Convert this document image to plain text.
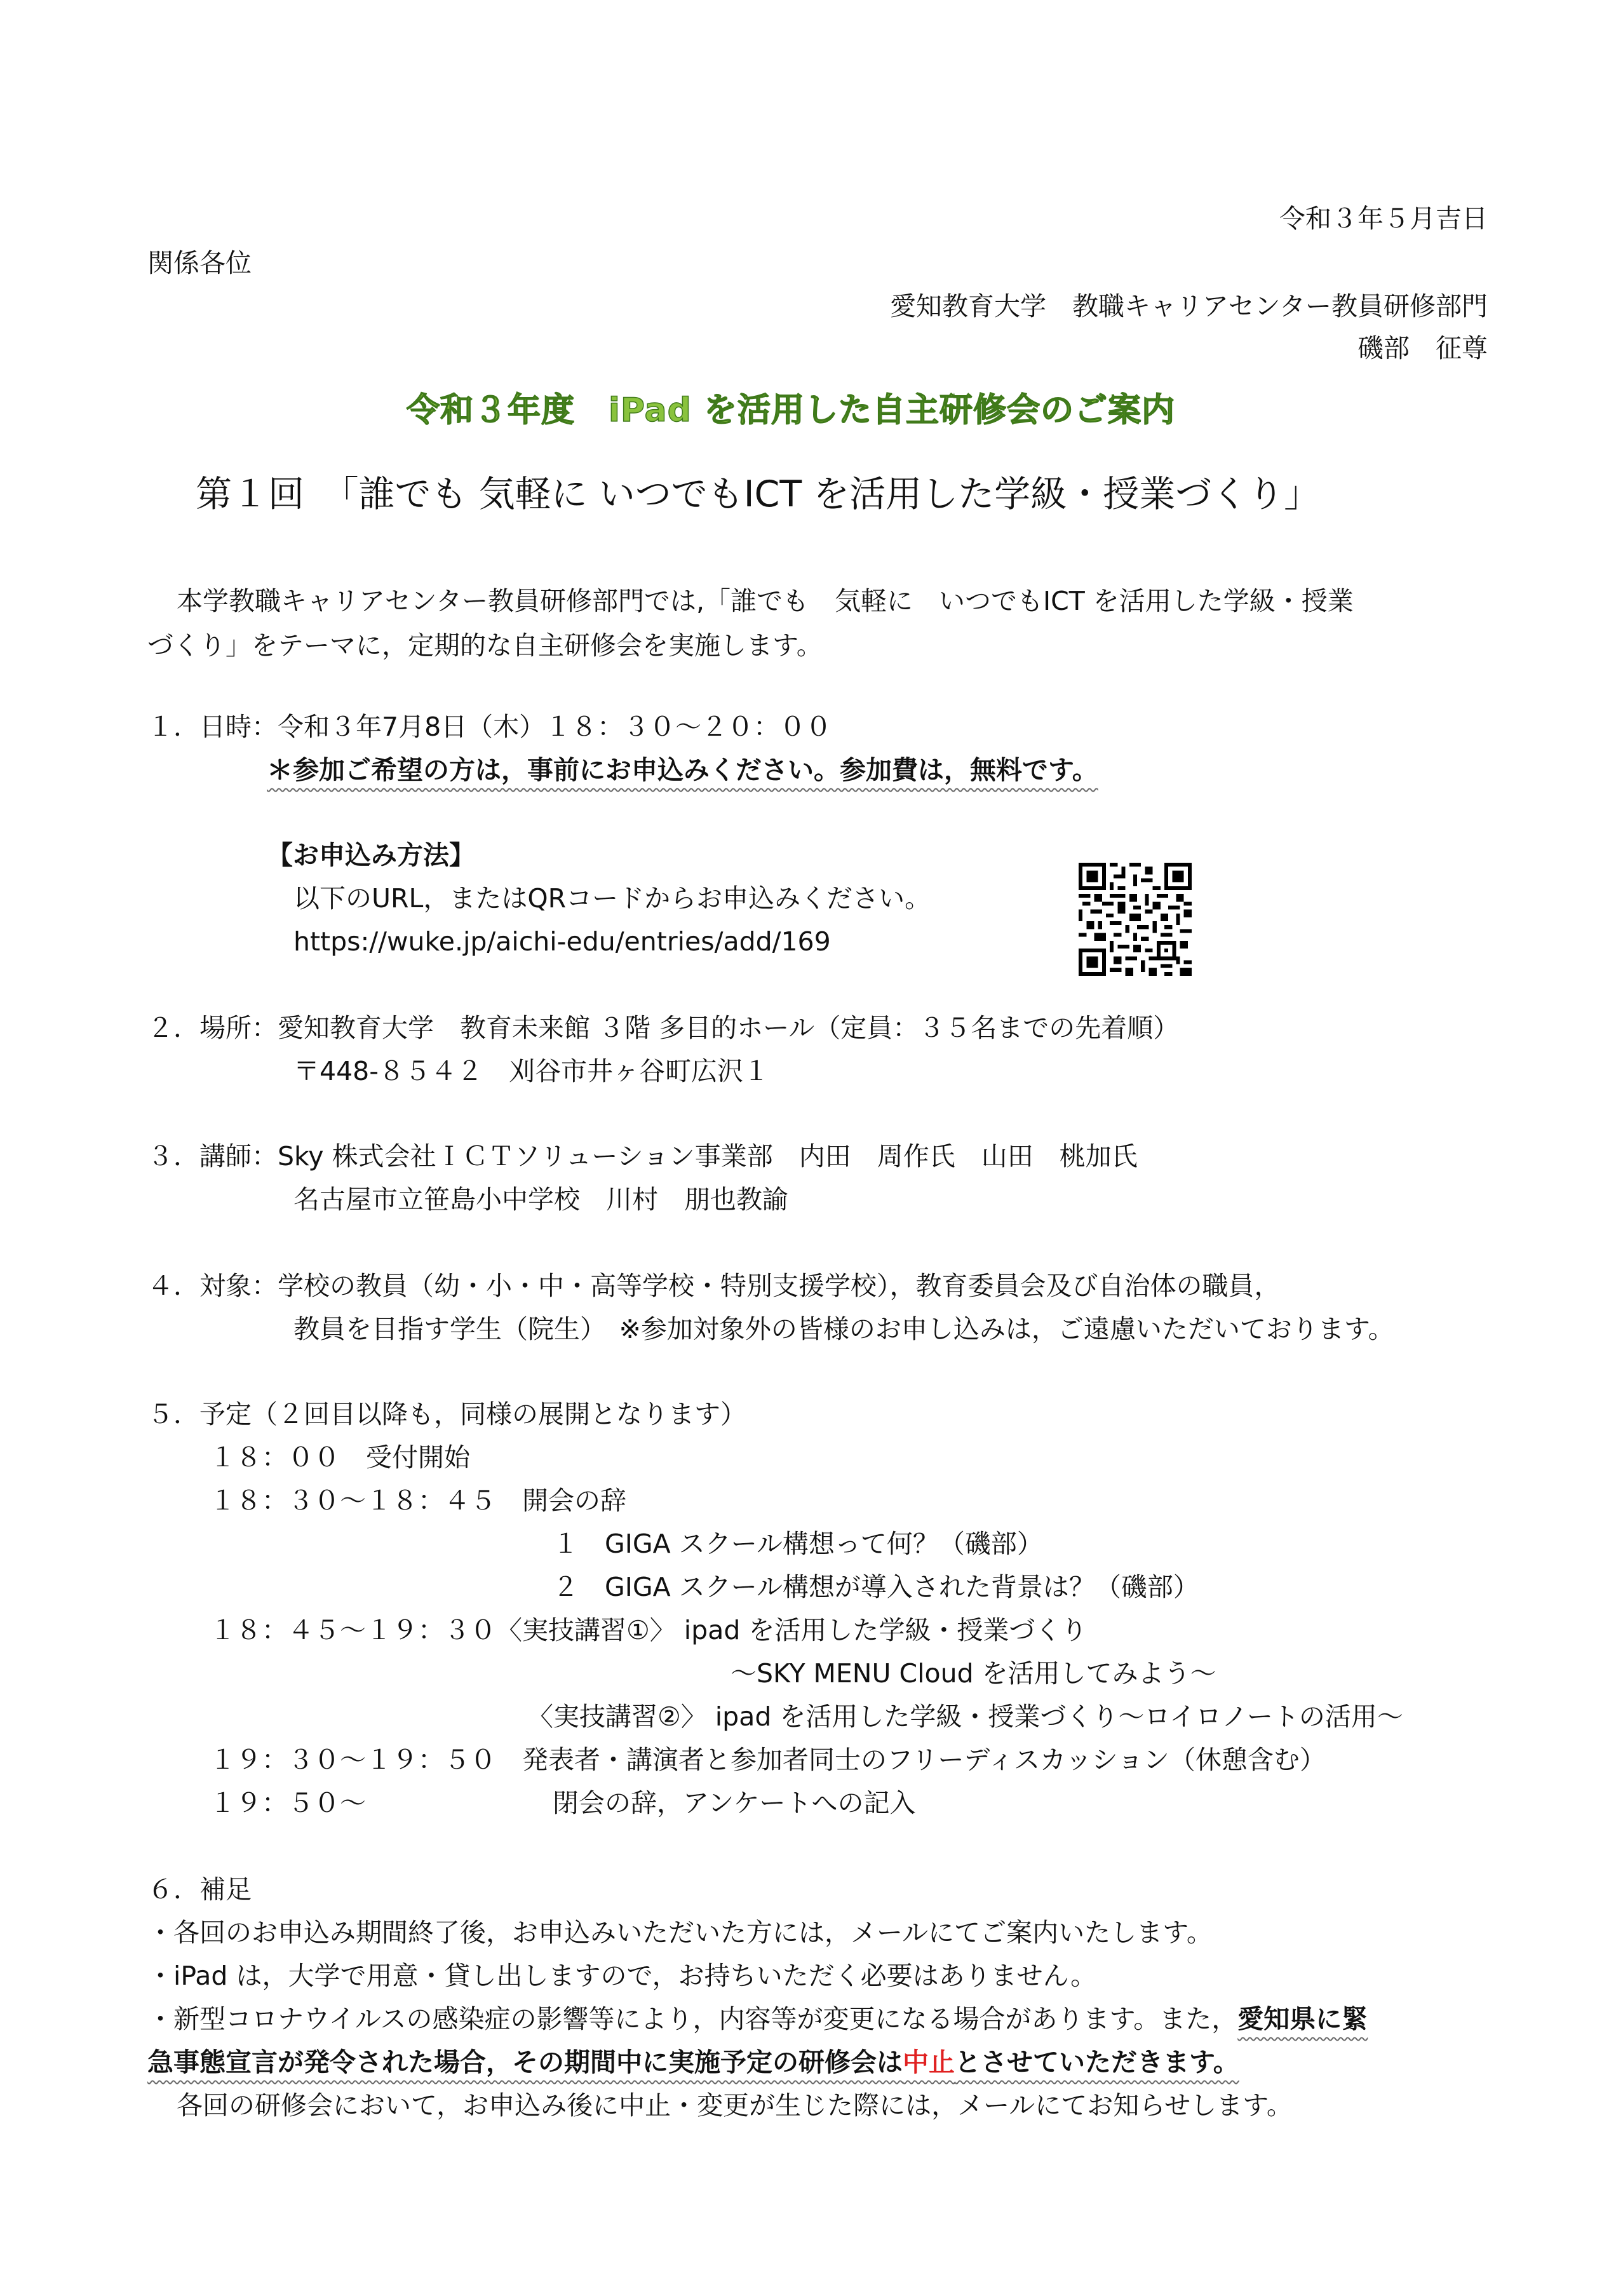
令和３年５月吉日
関係各位
愛知教育大学　教職キャリアセンター教員研修部門
磯部　征尊
令和３年度　iPad を活用した自主研修会のご案内
第１回　「誰でも 気軽に いつでもICT を活用した学級・授業づくり」
本学教職キャリアセンター教員研修部門では,「誰でも　気軽に　いつでもICT を活用した学級・授業
づくり」をテーマに，定期的な自主研修会を実施します。
１．日時：令和３年7月8日（木）１８：３０～２０：００
＊参加ご希望の方は，事前にお申込みください。参加費は，無料です。
【お申込み方法】
以下のURL，またはQRコードからお申込みください。
https://wuke.jp/aichi-edu/entries/add/169
２．場所：愛知教育大学　教育未来館 ３階 多目的ホール（定員：３５名までの先着順）
〒448-８５４２　刈谷市井ヶ谷町広沢１
３．講師：Sky 株式会社ＩＣＴソリューション事業部　内田　周作氏　山田　桃加氏
名古屋市立笹島小中学校　川村　朋也教諭
４．対象：学校の教員（幼・小・中・高等学校・特別支援学校），教育委員会及び自治体の職員，
教員を目指す学生（院生）　※参加対象外の皆様のお申し込みは，ご遠慮いただいております。
５．予定（２回目以降も，同様の展開となります）
１８：００　受付開始
１８：３０～１８：４５　開会の辞
１　GIGA スクール構想って何？（磯部）
２　GIGA スクール構想が導入された背景は？（磯部）
１８：４５～１９：３０〈実技講習①〉 ipad を活用した学級・授業づくり
～SKY MENU Cloud を活用してみよう～
〈実技講習②〉 ipad を活用した学級・授業づくり～ロイロノートの活用～
１９：３０～１９：５０　発表者・講演者と参加者同士のフリーディスカッション（休憩含む）
１９：５０～	閉会の辞，アンケートへの記入
６．補足
・各回のお申込み期間終了後，お申込みいただいた方には，メールにてご案内いたします。
・iPad は，大学で用意・貸し出しますので，お持ちいただく必要はありません。
・新型コロナウイルスの感染症の影響等により，内容等が変更になる場合があります。また，愛知県に緊
急事態宣言が発令された場合，その期間中に実施予定の研修会は中止とさせていただきます。
各回の研修会において，お申込み後に中止・変更が生じた際には，メールにてお知らせします。
